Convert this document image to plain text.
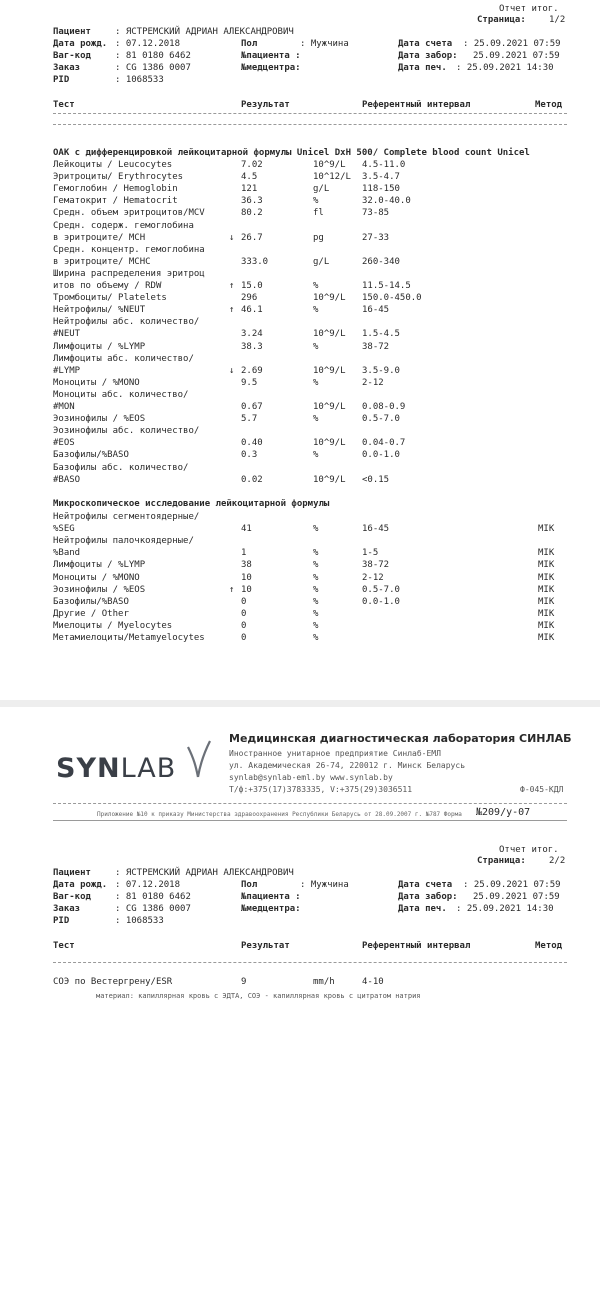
Отчет итог.
Страница:	1/2
Пациент	: ЯСТРЕМСКИЙ АДРИАН АЛЕКСАНДРОВИЧ
Дата рожд. : 07.12.2018	Пол	: Мужчина	Дата счета : 25.09.2021 07:59
Ваг-код	: 81 0180 6462	№пациента :	Дата забор: 25.09.2021 07:59
Заказ	: CG 1386 0007	№медцентра:	Дата печ. : 25.09.2021 14:30
PID	: 1068533
Тест	Результат	Референтный интервал	Метод
ОАК с дифференцировкой лейкоцитарной формулы Unicel DxH 500/ Complete blood count Unicel
Лейкоциты / Leucocytes	7.02	10^9/L 4.5-11.0
Эритроциты/ Erythrocytes	4.5	10^12/L 3.5-4.7
Гемоглобин / Hemoglobin	121	g/L	118-150
Гематокрит / Hematocrit	36.3	%	32.0-40.0
Средн. объем эритроцитов/MCV	80.2	fl	73-85
Средн. содерж. гемоглобина
в эритроците/ MCH	↓ 26.7	pg	27-33
Средн. концентр. гемоглобина
в эритроците/ MCHC	333.0	g/L	260-340
Ширина распределения эритроц
итов по объему / RDW	↑ 15.0	%	11.5-14.5
Тромбоциты/ Platelets	296	10^9/L 150.0-450.0
Нейтрофилы/ %NEUT	↑ 46.1	%	16-45
Нейтрофилы абс. количество/
#NEUT	3.24	10^9/L 1.5-4.5
Лимфоциты / %LYMP	38.3	%	38-72
Лимфоциты абс. количество/
#LYMP	↓ 2.69	10^9/L 3.5-9.0
Моноциты / %MONO	9.5	%	2-12
Моноциты абс. количество/
#MON	0.67	10^9/L 0.08-0.9
Эозинофилы / %EOS	5.7	%	0.5-7.0
Эозинофилы абс. количество/
#EOS	0.40	10^9/L 0.04-0.7
Базофилы/%BASO	0.3	%	0.0-1.0
Базофилы абс. количество/
#BASO	0.02	10^9/L <0.15
Микроскопическое исследование лейкоцитарной формулы
Нейтрофилы сегментоядерные/
%SEG	41	%	16-45	MIK
Нейтрофилы палочкоядерные/
%Band	1	%	1-5	MIK
Лимфоциты / %LYMP	38	%	38-72	MIK
Моноциты / %MONO	10	%	2-12	MIK
Эозинофилы / %EOS	↑ 10	%	0.5-7.0	MIK
Базофилы/%BASO	0	%	0.0-1.0	MIK
Другие / Other	0	%	MIK
Миелоциты / Myelocytes	0	%	MIK
Метамиелоциты/Metamyelocytes	0	%	MIK
SYNLAB
Медицинская диагностическая лаборатория СИНЛАБ
Иностранное унитарное предприятие Синлаб-ЕМЛ
ул. Академическая 26-74, 220012 г. Минск Беларусь
synlab@synlab-eml.by www.synlab.by
Т/ф:+375(17)3783335, V:+375(29)3036511	Ф-045-КДЛ
Приложение №10 к приказу Министерства здравоохранения Республики Беларусь от 28.09.2007 г. №787 Форма №209/у-07
Отчет итог.
Страница:	2/2
Пациент	: ЯСТРЕМСКИЙ АДРИАН АЛЕКСАНДРОВИЧ
Дата рожд. : 07.12.2018	Пол	: Мужчина	Дата счета : 25.09.2021 07:59
Ваг-код	: 81 0180 6462	№пациента :	Дата забор: 25.09.2021 07:59
Заказ	: CG 1386 0007	№медцентра:	Дата печ. : 25.09.2021 14:30
PID	: 1068533
Тест	Результат	Референтный интервал	Метод
СОЭ по Вестергрену/ESR	9	mm/h	4-10
материал: капиллярная кровь с ЭДТА, СОЭ - капиллярная кровь с цитратом натрия
